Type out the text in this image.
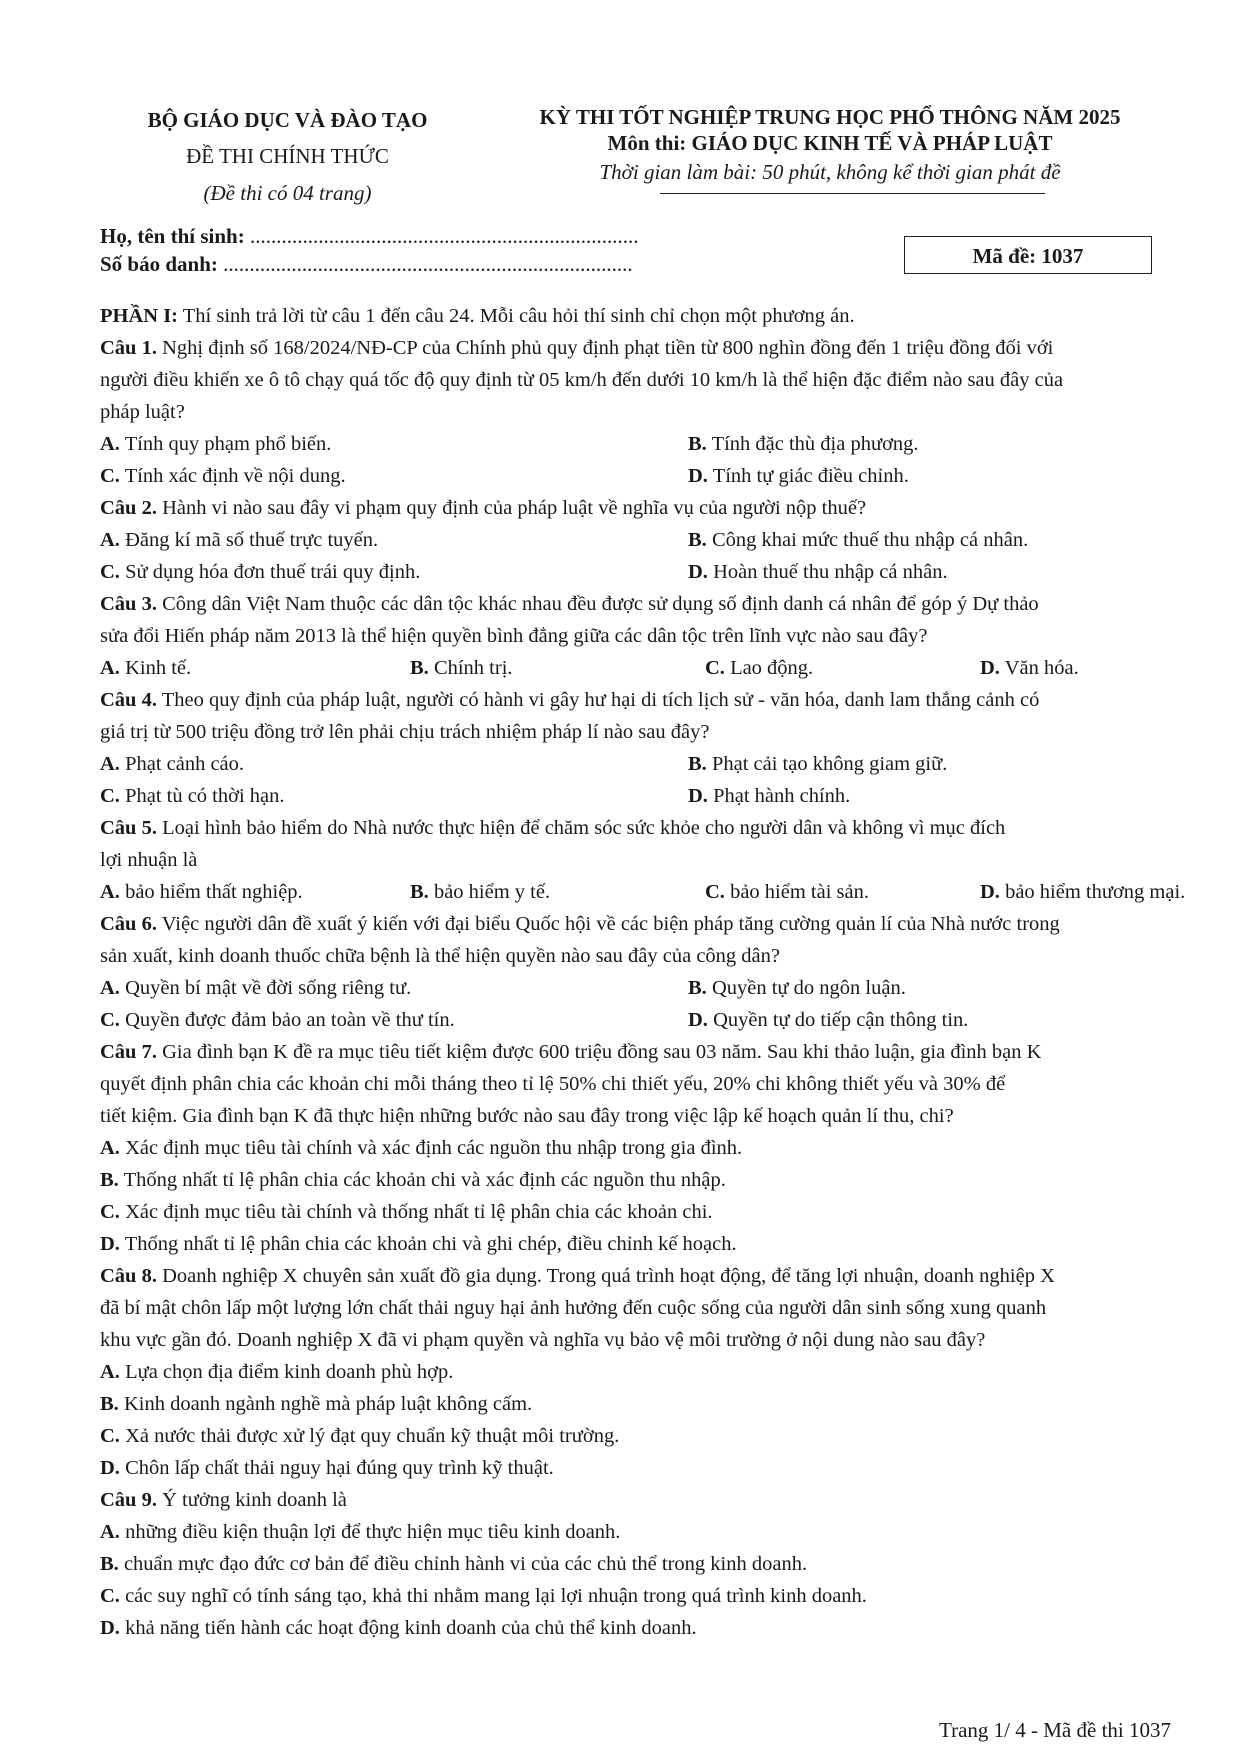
BỘ GIÁO DỤC VÀ ĐÀO TẠO
ĐỀ THI CHÍNH THỨC
(Đề thi có 04 trang)
KỲ THI TỐT NGHIỆP TRUNG HỌC PHỔ THÔNG NĂM 2025
Môn thi: GIÁO DỤC KINH TẾ VÀ PHÁP LUẬT
Thời gian làm bài: 50 phút, không kể thời gian phát đề
Họ, tên thí sinh: ..........................................................................
Số báo danh: ..............................................................................	Mã đề: 1037
PHẦN I: Thí sinh trả lời từ câu 1 đến câu 24. Mỗi câu hỏi thí sinh chỉ chọn một phương án.
Câu 1. Nghị định số 168/2024/NĐ-CP của Chính phủ quy định phạt tiền từ 800 nghìn đồng đến 1 triệu đồng đối với
người điều khiển xe ô tô chạy quá tốc độ quy định từ 05 km/h đến dưới 10 km/h là thể hiện đặc điểm nào sau đây của
pháp luật?
A. Tính quy phạm phổ biến.	B. Tính đặc thù địa phương.
C. Tính xác định về nội dung.	D. Tính tự giác điều chỉnh.
Câu 2. Hành vi nào sau đây vi phạm quy định của pháp luật về nghĩa vụ của người nộp thuế?
A. Đăng kí mã số thuế trực tuyến.	B. Công khai mức thuế thu nhập cá nhân.
C. Sử dụng hóa đơn thuế trái quy định.	D. Hoàn thuế thu nhập cá nhân.
Câu 3. Công dân Việt Nam thuộc các dân tộc khác nhau đều được sử dụng số định danh cá nhân để góp ý Dự thảo
sửa đổi Hiến pháp năm 2013 là thể hiện quyền bình đẳng giữa các dân tộc trên lĩnh vực nào sau đây?
A. Kinh tế.	B. Chính trị.	C. Lao động.	D. Văn hóa.
Câu 4. Theo quy định của pháp luật, người có hành vi gây hư hại di tích lịch sử - văn hóa, danh lam thắng cảnh có
giá trị từ 500 triệu đồng trở lên phải chịu trách nhiệm pháp lí nào sau đây?
A. Phạt cảnh cáo.	B. Phạt cải tạo không giam giữ.
C. Phạt tù có thời hạn.	D. Phạt hành chính.
Câu 5. Loại hình bảo hiểm do Nhà nước thực hiện để chăm sóc sức khỏe cho người dân và không vì mục đích
lợi nhuận là
A. bảo hiểm thất nghiệp.	B. bảo hiểm y tế.	C. bảo hiểm tài sản.	D. bảo hiểm thương mại.
Câu 6. Việc người dân đề xuất ý kiến với đại biểu Quốc hội về các biện pháp tăng cường quản lí của Nhà nước trong
sản xuất, kinh doanh thuốc chữa bệnh là thể hiện quyền nào sau đây của công dân?
A. Quyền bí mật về đời sống riêng tư.	B. Quyền tự do ngôn luận.
C. Quyền được đảm bảo an toàn về thư tín.	D. Quyền tự do tiếp cận thông tin.
Câu 7. Gia đình bạn K đề ra mục tiêu tiết kiệm được 600 triệu đồng sau 03 năm. Sau khi thảo luận, gia đình bạn K
quyết định phân chia các khoản chi mỗi tháng theo tỉ lệ 50% chi thiết yếu, 20% chi không thiết yếu và 30% để
tiết kiệm. Gia đình bạn K đã thực hiện những bước nào sau đây trong việc lập kế hoạch quản lí thu, chi?
A. Xác định mục tiêu tài chính và xác định các nguồn thu nhập trong gia đình.
B. Thống nhất tỉ lệ phân chia các khoản chi và xác định các nguồn thu nhập.
C. Xác định mục tiêu tài chính và thống nhất tỉ lệ phân chia các khoản chi.
D. Thống nhất tỉ lệ phân chia các khoản chi và ghi chép, điều chỉnh kế hoạch.
Câu 8. Doanh nghiệp X chuyên sản xuất đồ gia dụng. Trong quá trình hoạt động, để tăng lợi nhuận, doanh nghiệp X
đã bí mật chôn lấp một lượng lớn chất thải nguy hại ảnh hưởng đến cuộc sống của người dân sinh sống xung quanh
khu vực gần đó. Doanh nghiệp X đã vi phạm quyền và nghĩa vụ bảo vệ môi trường ở nội dung nào sau đây?
A. Lựa chọn địa điểm kinh doanh phù hợp.
B. Kinh doanh ngành nghề mà pháp luật không cấm.
C. Xả nước thải được xử lý đạt quy chuẩn kỹ thuật môi trường.
D. Chôn lấp chất thải nguy hại đúng quy trình kỹ thuật.
Câu 9. Ý tưởng kinh doanh là
A. những điều kiện thuận lợi để thực hiện mục tiêu kinh doanh.
B. chuẩn mực đạo đức cơ bản để điều chỉnh hành vi của các chủ thể trong kinh doanh.
C. các suy nghĩ có tính sáng tạo, khả thi nhằm mang lại lợi nhuận trong quá trình kinh doanh.
D. khả năng tiến hành các hoạt động kinh doanh của chủ thể kinh doanh.
Trang 1/ 4 - Mã đề thi 1037
